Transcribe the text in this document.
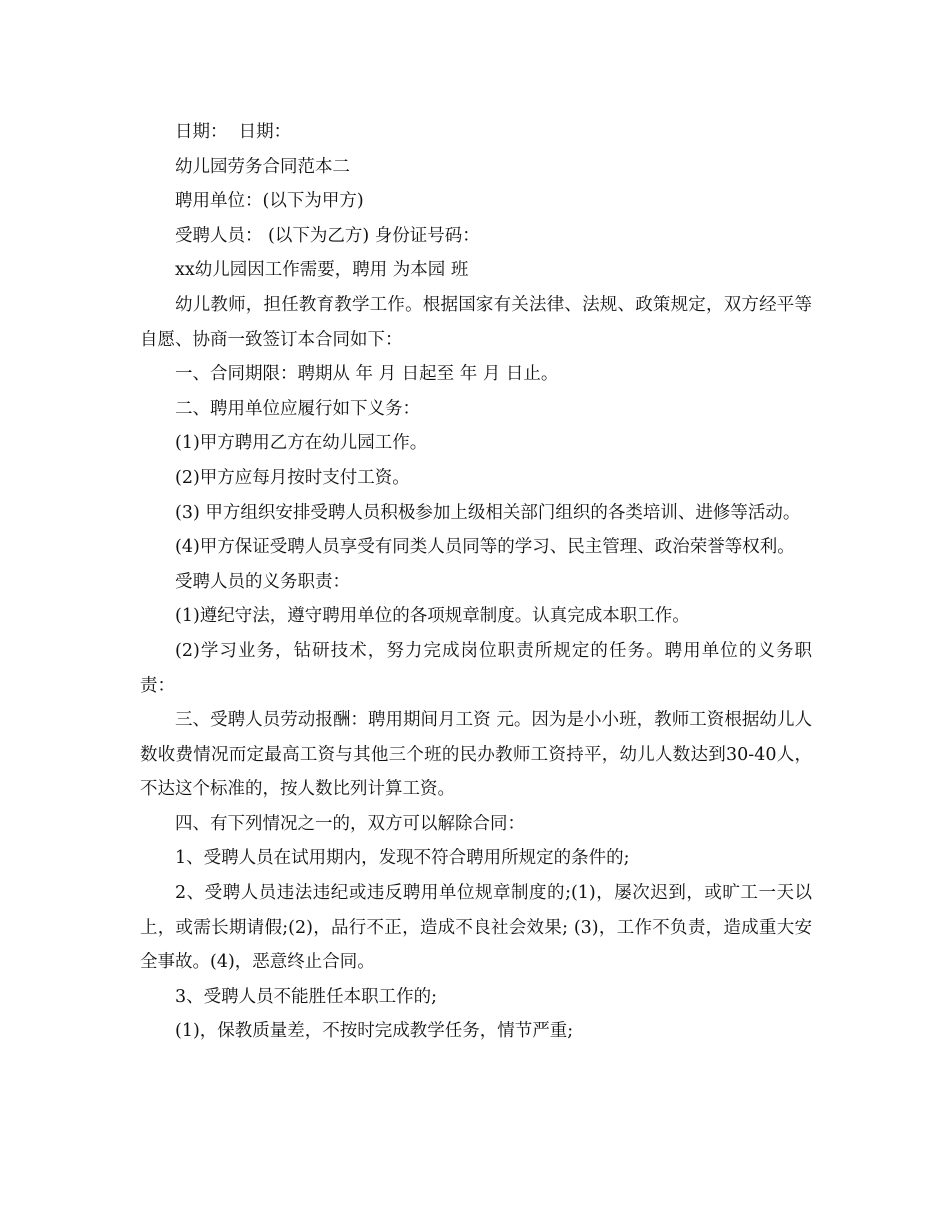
日期：  日期：

幼儿园劳务合同范本二

聘用单位：(以下为甲方)

受聘人员： (以下为乙方) 身份证号码：

xx幼儿园因工作需要，聘用 为本园 班

幼儿教师，担任教育教学工作。根据国家有关法律、法规、政策规定，双方经平等自愿、协商一致签订本合同如下：

一、合同期限：聘期从 年 月 日起至 年 月 日止。

二、聘用单位应履行如下义务：

(1)甲方聘用乙方在幼儿园工作。

(2)甲方应每月按时支付工资。

(3) 甲方组织安排受聘人员积极参加上级相关部门组织的各类培训、进修等活动。

(4)甲方保证受聘人员享受有同类人员同等的学习、民主管理、政治荣誉等权利。

受聘人员的义务职责：

(1)遵纪守法，遵守聘用单位的各项规章制度。认真完成本职工作。

(2)学习业务，钻研技术，努力完成岗位职责所规定的任务。聘用单位的义务职责：

三、受聘人员劳动报酬：聘用期间月工资 元。因为是小小班，教师工资根据幼儿人数收费情况而定最高工资与其他三个班的民办教师工资持平，幼儿人数达到30-40人，不达这个标准的，按人数比列计算工资。

四、有下列情况之一的，双方可以解除合同：

1、受聘人员在试用期内，发现不符合聘用所规定的条件的;

2、受聘人员违法违纪或违反聘用单位规章制度的;(1)，屡次迟到，或旷工一天以上，或需长期请假;(2)，品行不正，造成不良社会效果; (3)，工作不负责，造成重大安全事故。(4)，恶意终止合同。

3、受聘人员不能胜任本职工作的;

(1)，保教质量差，不按时完成教学任务，情节严重;
